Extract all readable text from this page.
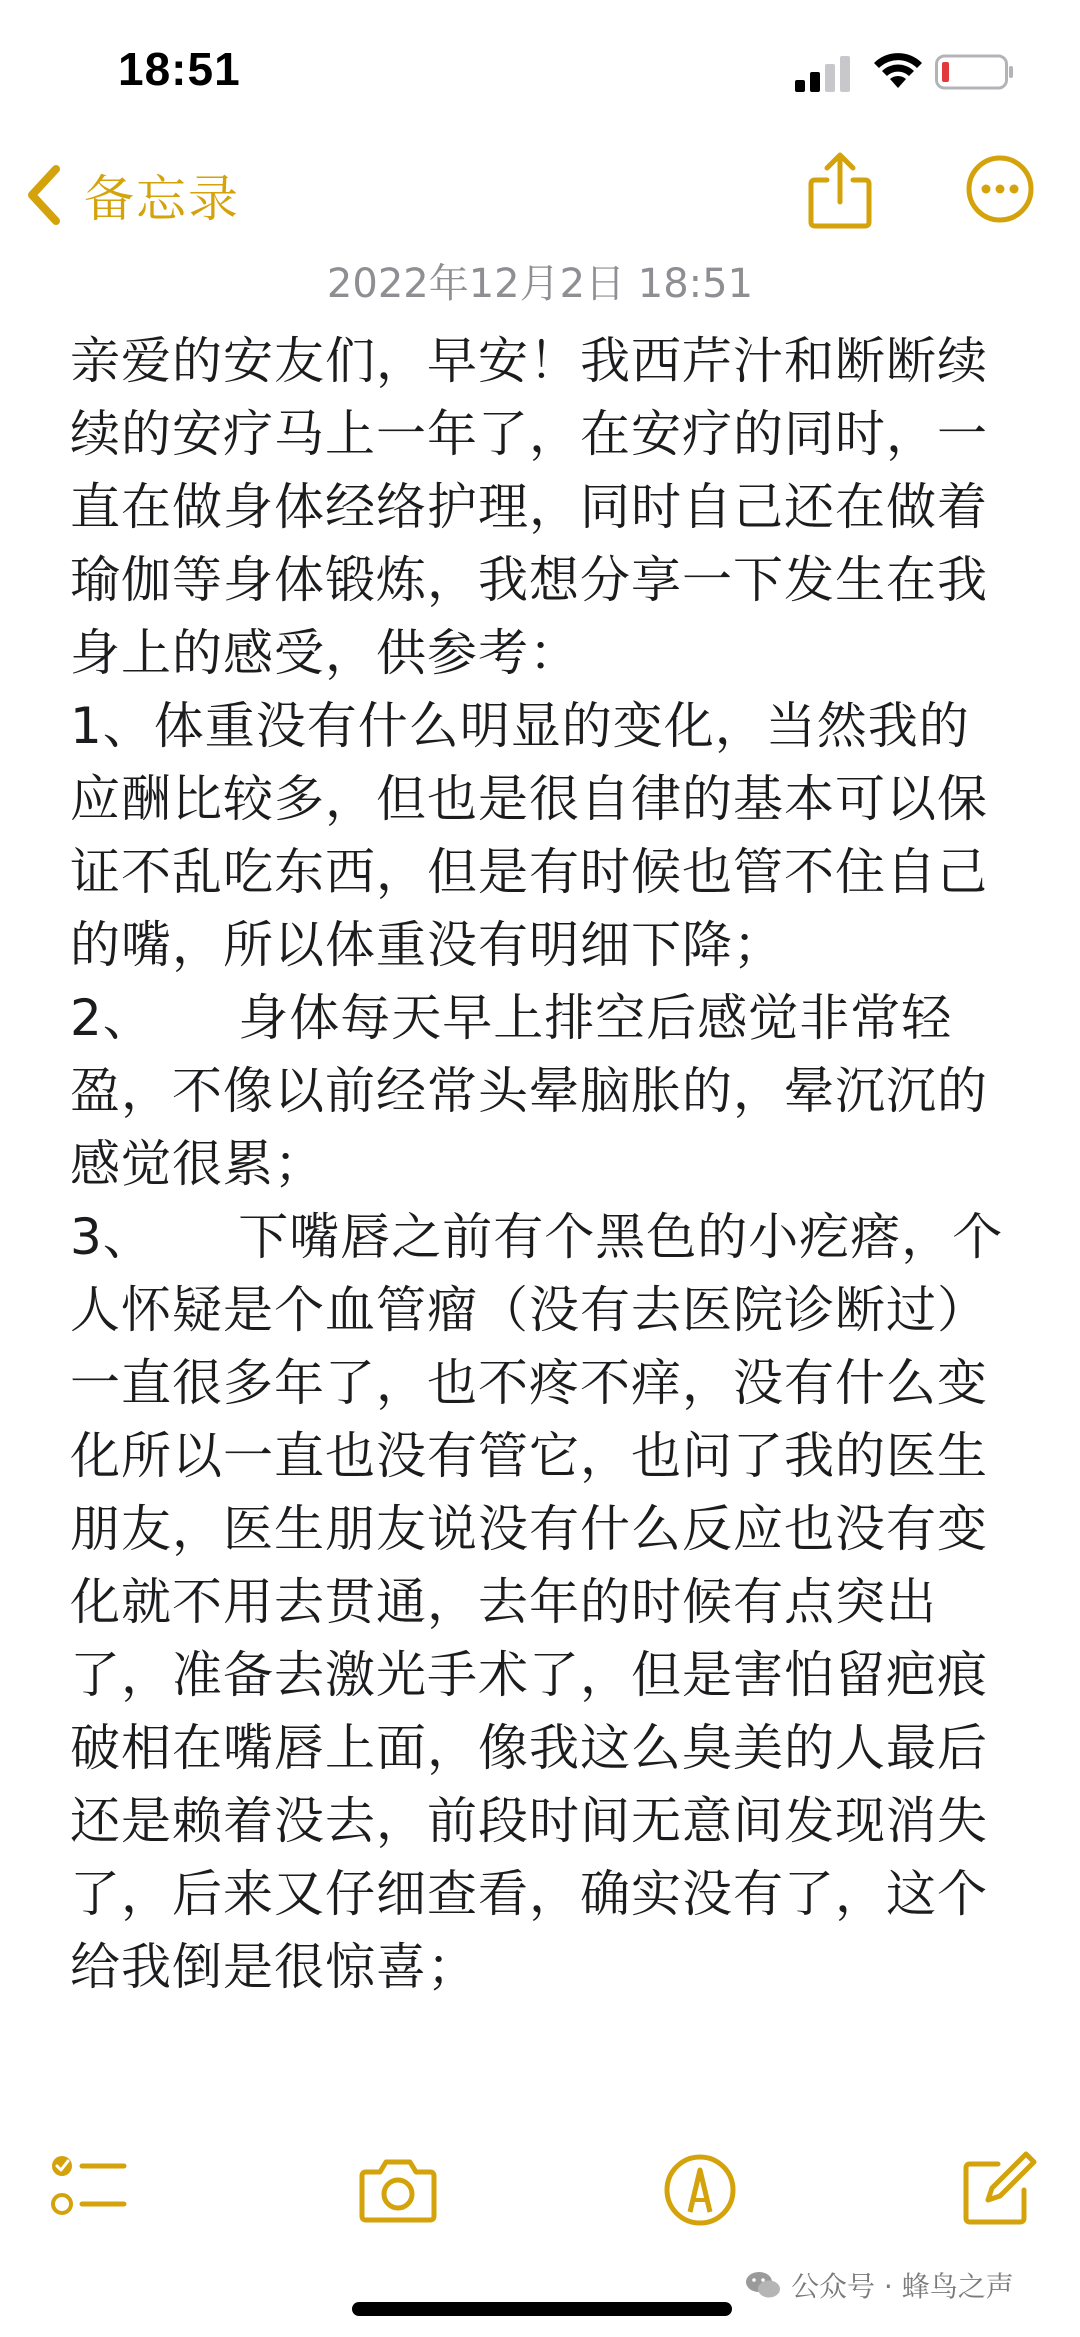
18:51
备忘录
2022年12月2日 18:51

亲爱的安友们，早安！我西芹汁和断断续续的安疗马上一年了，在安疗的同时，一直在做身体经络护理，同时自己还在做着瑜伽等身体锻炼，我想分享一下发生在我身上的感受，供参考：

1、体重没有什么明显的变化，当然我的应酬比较多，但也是很自律的基本可以保证不乱吃东西，但是有时候也管不住自己的嘴，所以体重没有明细下降；

2、     身体每天早上排空后感觉非常轻盈，不像以前经常头晕脑胀的，晕沉沉的感觉很累；

3、     下嘴唇之前有个黑色的小疙瘩，个人怀疑是个血管瘤（没有去医院诊断过）一直很多年了，也不疼不痒，没有什么变化所以一直也没有管它，也问了我的医生朋友，医生朋友说没有什么反应也没有变化就不用去贯通，去年的时候有点突出了，准备去激光手术了，但是害怕留疤痕破相在嘴唇上面，像我这么臭美的人最后还是赖着没去，前段时间无意间发现消失了，后来又仔细查看，确实没有了，这个给我倒是很惊喜；

公众号 · 蜂鸟之声
